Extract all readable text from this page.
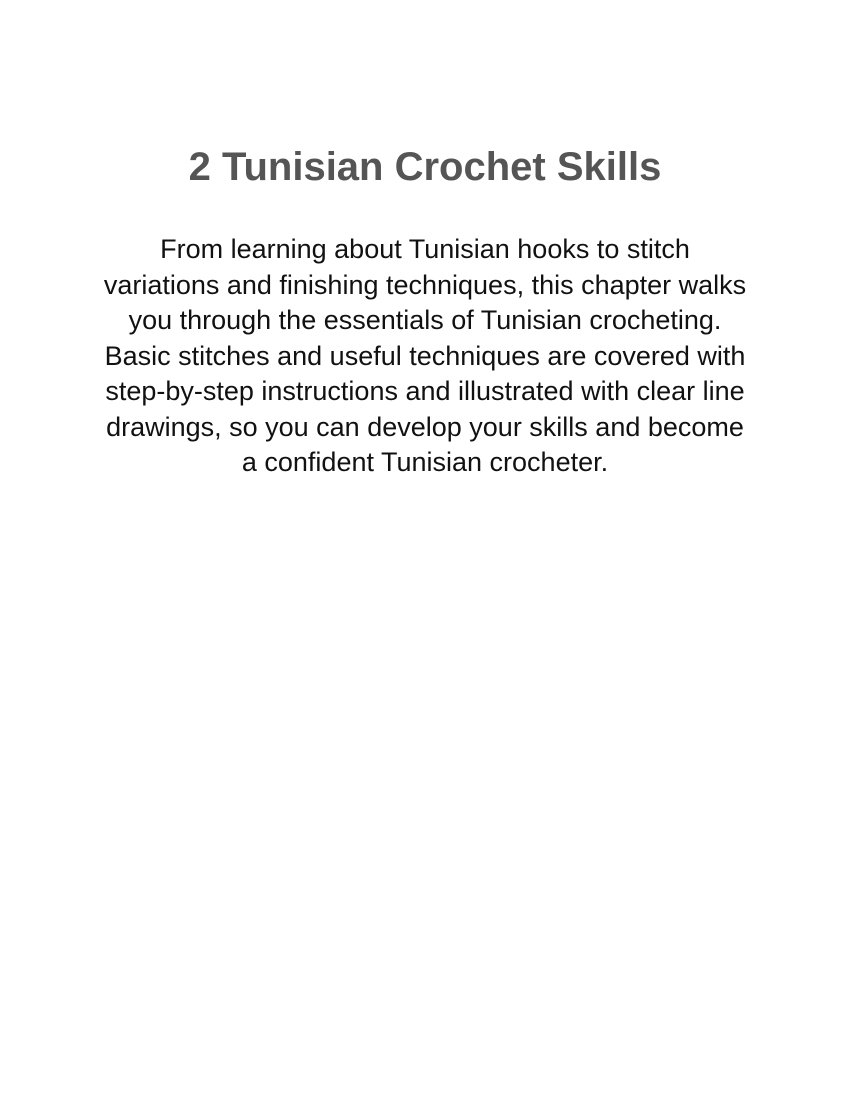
2 Tunisian Crochet Skills

From learning about Tunisian hooks to stitch variations and finishing techniques, this chapter walks you through the essentials of Tunisian crocheting. Basic stitches and useful techniques are covered with step-by-step instructions and illustrated with clear line drawings, so you can develop your skills and become a confident Tunisian crocheter.
